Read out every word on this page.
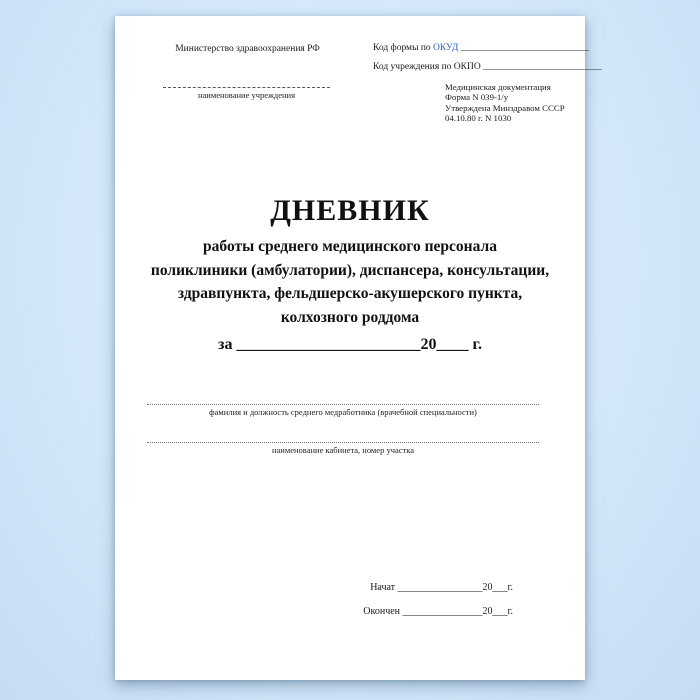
Министерство здравоохранения РФ	Код формы по ОКУД ___________________________
Код учреждения по ОКПО _________________________
наименование учреждения
Медицинская документация
Форма N 039-1/у
Утверждена Минздравом СССР
04.10.80 г. N 1030
ДНЕВНИК
работы среднего медицинского персонала
поликлиники (амбулатории), диспансера, консультации,
здравпункта, фельдшерско-акушерского пункта,
колхозного роддома
за _______________________20____ г.
фамилия и должность среднего медработника (врачебной специальности)
наименование кабинета, номер участка
Начат _________________20___г.
Окончен ________________20___г.
